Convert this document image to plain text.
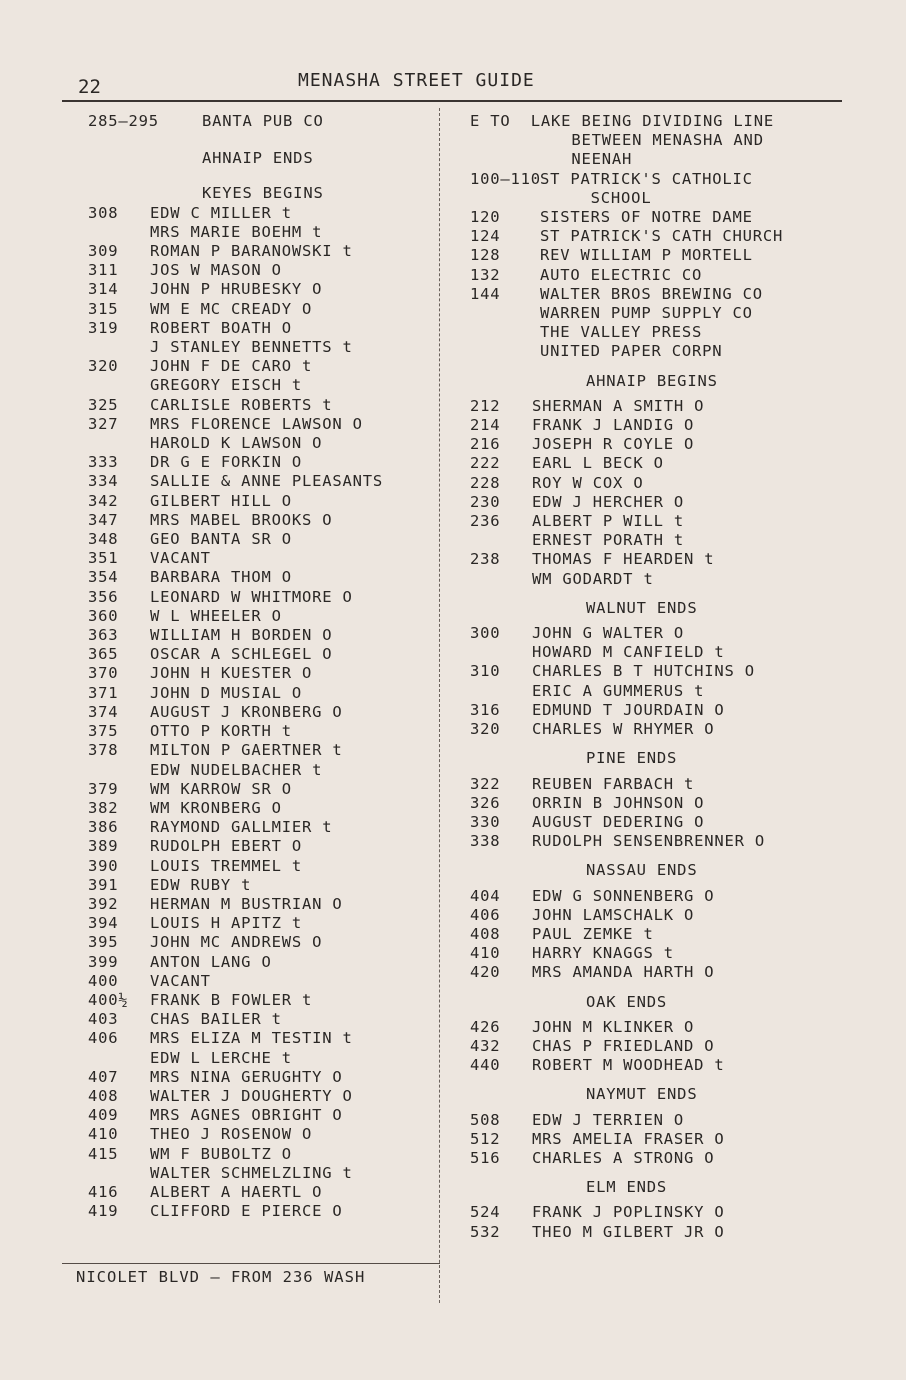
22	MENASHA STREET GUIDE
285–295	BANTA PUB CO
AHNAIP ENDS
KEYES BEGINS
308	EDW C MILLER t
MRS MARIE BOEHM t
309	ROMAN P BARANOWSKI t
311	JOS W MASON O
314	JOHN P HRUBESKY O
315	WM E MC CREADY O
319	ROBERT BOATH O
J STANLEY BENNETTS t
320	JOHN F DE CARO t
GREGORY EISCH t
325	CARLISLE ROBERTS t
327	MRS FLORENCE LAWSON O
HAROLD K LAWSON O
333	DR G E FORKIN O
334	SALLIE & ANNE PLEASANTS
342	GILBERT HILL O
347	MRS MABEL BROOKS O
348	GEO BANTA SR O
351	VACANT
354	BARBARA THOM O
356	LEONARD W WHITMORE O
360	W L WHEELER O
363	WILLIAM H BORDEN O
365	OSCAR A SCHLEGEL O
370	JOHN H KUESTER O
371	JOHN D MUSIAL O
374	AUGUST J KRONBERG O
375	OTTO P KORTH t
378	MILTON P GAERTNER t
EDW NUDELBACHER t
379	WM KARROW SR O
382	WM KRONBERG O
386	RAYMOND GALLMIER t
389	RUDOLPH EBERT O
390	LOUIS TREMMEL t
391	EDW RUBY t
392	HERMAN M BUSTRIAN O
394	LOUIS H APITZ t
395	JOHN MC ANDREWS O
399	ANTON LANG O
400	VACANT
400½	FRANK B FOWLER t
403	CHAS BAILER t
406	MRS ELIZA M TESTIN t
EDW L LERCHE t
407	MRS NINA GERUGHTY O
408	WALTER J DOUGHERTY O
409	MRS AGNES OBRIGHT O
410	THEO J ROSENOW O
415	WM F BUBOLTZ O
WALTER SCHMELZLING t
416	ALBERT A HAERTL O
419	CLIFFORD E PIERCE O
E TO  LAKE BEING DIVIDING LINE
BETWEEN MENASHA AND
NEENAH
100–110 ST PATRICK'S CATHOLIC
SCHOOL
120	SISTERS OF NOTRE DAME
124	ST PATRICK'S CATH CHURCH
128	REV WILLIAM P MORTELL
132	AUTO ELECTRIC CO
144	WALTER BROS BREWING CO
WARREN PUMP SUPPLY CO
THE VALLEY PRESS
UNITED PAPER CORPN
AHNAIP BEGINS
212	SHERMAN A SMITH O
214	FRANK J LANDIG O
216	JOSEPH R COYLE O
222	EARL L BECK O
228	ROY W COX O
230	EDW J HERCHER O
236	ALBERT P WILL t
ERNEST PORATH t
238	THOMAS F HEARDEN t
WM GODARDT t
WALNUT ENDS
300	JOHN G WALTER O
HOWARD M CANFIELD t
310	CHARLES B T HUTCHINS O
ERIC A GUMMERUS t
316	EDMUND T JOURDAIN O
320	CHARLES W RHYMER O
PINE ENDS
322	REUBEN FARBACH t
326	ORRIN B JOHNSON O
330	AUGUST DEDERING O
338	RUDOLPH SENSENBRENNER O
NASSAU ENDS
404	EDW G SONNENBERG O
406	JOHN LAMSCHALK O
408	PAUL ZEMKE t
410	HARRY KNAGGS t
420	MRS AMANDA HARTH O
OAK ENDS
426	JOHN M KLINKER O
432	CHAS P FRIEDLAND O
440	ROBERT M WOODHEAD t
NAYMUT ENDS
508	EDW J TERRIEN O
512	MRS AMELIA FRASER O
516	CHARLES A STRONG O
ELM ENDS
524	FRANK J POPLINSKY O
532	THEO M GILBERT JR O
NICOLET BLVD – FROM 236 WASH
